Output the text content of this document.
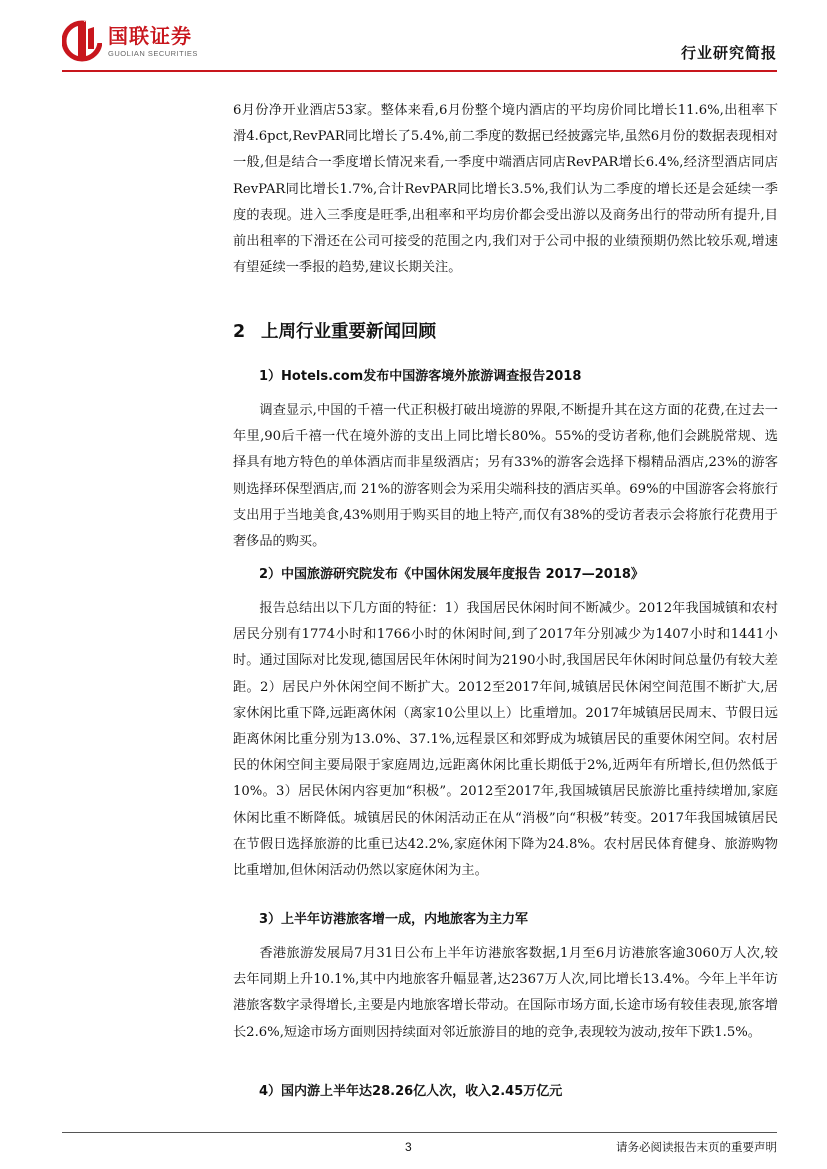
国联证券
GUOLIAN SECURITIES	行业研究简报

6月份净开业酒店53家。整体来看,6月份整个境内酒店的平均房价同比增长11.6%,出租率下滑4.6pct,RevPAR同比增长了5.4%,前二季度的数据已经披露完毕,虽然6月份的数据表现相对一般,但是结合一季度增长情况来看,一季度中端酒店同店RevPAR增长6.4%,经济型酒店同店RevPAR同比增长1.7%,合计RevPAR同比增长3.5%,我们认为二季度的增长还是会延续一季度的表现。进入三季度是旺季,出租率和平均房价都会受出游以及商务出行的带动所有提升,目前出租率的下滑还在公司可接受的范围之内,我们对于公司中报的业绩预期仍然比较乐观,增速有望延续一季报的趋势,建议长期关注。

2 上周行业重要新闻回顾

1）Hotels.com发布中国游客境外旅游调查报告2018

调查显示,中国的千禧一代正积极打破出境游的界限,不断提升其在这方面的花费,在过去一年里,90后千禧一代在境外游的支出上同比增长80%。55%的受访者称,他们会跳脱常规、选择具有地方特色的单体酒店而非星级酒店；另有33%的游客会选择下榻精品酒店,23%的游客则选择环保型酒店,而 21%的游客则会为采用尖端科技的酒店买单。69%的中国游客会将旅行支出用于当地美食,43%则用于购买目的地上特产,而仅有38%的受访者表示会将旅行花费用于奢侈品的购买。

2）中国旅游研究院发布《中国休闲发展年度报告 2017—2018》

报告总结出以下几方面的特征：1）我国居民休闲时间不断减少。2012年我国城镇和农村居民分别有1774小时和1766小时的休闲时间,到了2017年分别减少为1407小时和1441小时。通过国际对比发现,德国居民年休闲时间为2190小时,我国居民年休闲时间总量仍有较大差距。2）居民户外休闲空间不断扩大。2012至2017年间,城镇居民休闲空间范围不断扩大,居家休闲比重下降,远距离休闲（离家10公里以上）比重增加。2017年城镇居民周末、节假日远距离休闲比重分别为13.0%、37.1%,远程景区和郊野成为城镇居民的重要休闲空间。农村居民的休闲空间主要局限于家庭周边,远距离休闲比重长期低于2%,近两年有所增长,但仍然低于10%。3）居民休闲内容更加“积极”。2012至2017年,我国城镇居民旅游比重持续增加,家庭休闲比重不断降低。城镇居民的休闲活动正在从“消极”向“积极”转变。2017年我国城镇居民在节假日选择旅游的比重已达42.2%,家庭休闲下降为24.8%。农村居民体育健身、旅游购物比重增加,但休闲活动仍然以家庭休闲为主。

3）上半年访港旅客增一成，内地旅客为主力军

香港旅游发展局7月31日公布上半年访港旅客数据,1月至6月访港旅客逾3060万人次,较去年同期上升10.1%,其中内地旅客升幅显著,达2367万人次,同比增长13.4%。今年上半年访港旅客数字录得增长,主要是内地旅客增长带动。在国际市场方面,长途市场有较佳表现,旅客增长2.6%,短途市场方面则因持续面对邻近旅游目的地的竞争,表现较为波动,按年下跌1.5%。

4）国内游上半年达28.26亿人次，收入2.45万亿元

3	请务必阅读报告末页的重要声明
